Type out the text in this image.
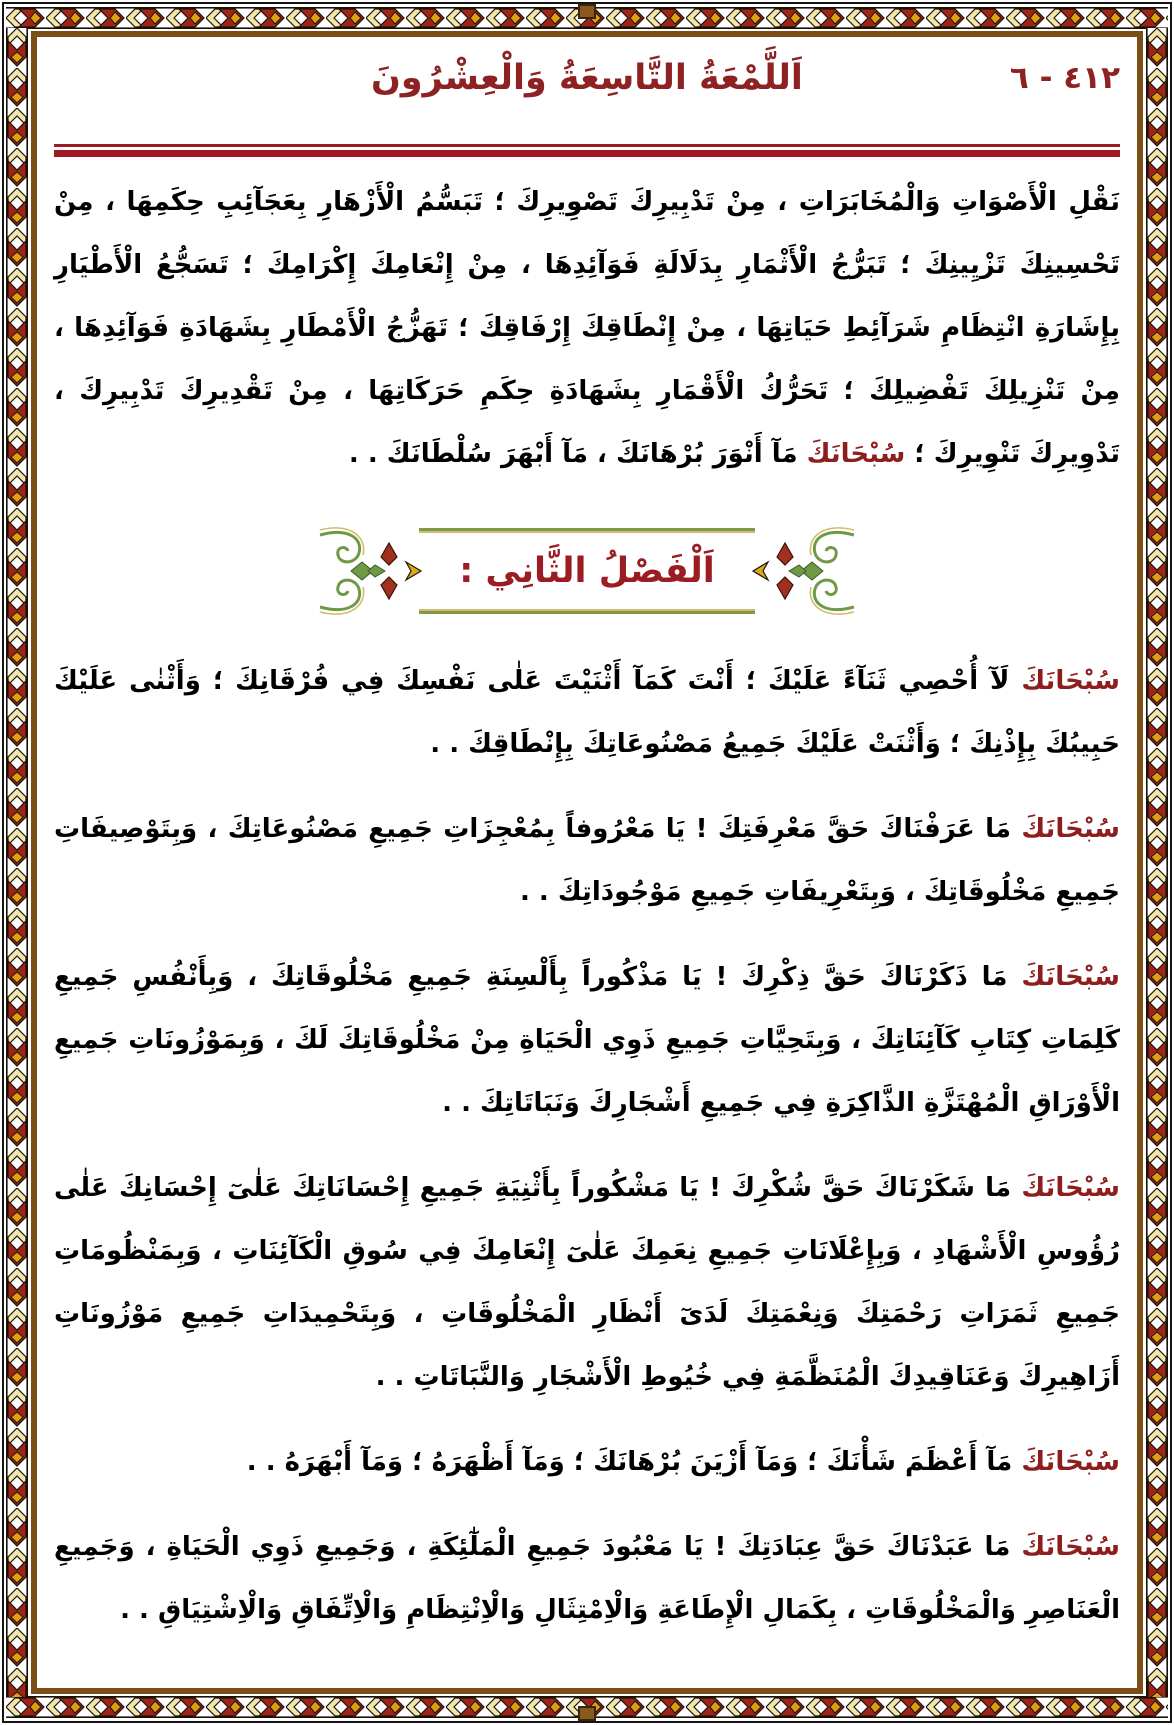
اَللَّمْعَةُ التَّاسِعَةُ وَالْعِشْرُونَ	٤١٢ - ٦

نَقْلِ الْأَصْوَاتِ وَالْمُخَابَرَاتِ ، مِنْ تَدْبِيرِكَ تَصْوِيرِكَ ؛ تَبَسُّمُ الْأَزْهَارِ بِعَجَآئِبِ حِكَمِهَا ، مِنْ تَحْسِينِكَ تَزْيِينِكَ ؛ تَبَرُّجُ الْأَثْمَارِ بِدَلَالَةِ فَوَآئِدِهَا ، مِنْ إِنْعَامِكَ إِكْرَامِكَ ؛ تَسَجُّعُ الْأَطْيَارِ بِإِشَارَةِ انْتِظَامِ شَرَآئِطِ حَيَاتِهَا ، مِنْ إِنْطَاقِكَ إِرْفَاقِكَ ؛ تَهَزُّجُ الْأَمْطَارِ بِشَهَادَةِ فَوَآئِدِهَا ، مِنْ تَنْزِيلِكَ تَفْضِيلِكَ ؛ تَحَرُّكُ الْأَقْمَارِ بِشَهَادَةِ حِكَمِ حَرَكَاتِهَا ، مِنْ تَقْدِيرِكَ تَدْبِيرِكَ ، تَدْوِيرِكَ تَنْوِيرِكَ ؛ سُبْحَانَكَ مَآ أَنْوَرَ بُرْهَانَكَ ، مَآ أَبْهَرَ سُلْطَانَكَ . .

اَلْفَصْلُ الثَّانِي :

سُبْحَانَكَ لَآ أُحْصِي ثَنَآءً عَلَيْكَ ؛ أَنْتَ كَمَآ أَثْنَيْتَ عَلٰى نَفْسِكَ فِي فُرْقَانِكَ ؛ وَأَثْنٰى عَلَيْكَ حَبِيبُكَ بِإِذْنِكَ ؛ وَأَثْنَتْ عَلَيْكَ جَمِيعُ مَصْنُوعَاتِكَ بِإِنْطَاقِكَ . .

سُبْحَانَكَ مَا عَرَفْنَاكَ حَقَّ مَعْرِفَتِكَ ! يَا مَعْرُوفاً بِمُعْجِزَاتِ جَمِيعِ مَصْنُوعَاتِكَ ، وَبِتَوْصِيفَاتِ جَمِيعِ مَخْلُوقَاتِكَ ، وَبِتَعْرِيفَاتِ جَمِيعِ مَوْجُودَاتِكَ . .

سُبْحَانَكَ مَا ذَكَرْنَاكَ حَقَّ ذِكْرِكَ ! يَا مَذْكُوراً بِأَلْسِنَةِ جَمِيعِ مَخْلُوقَاتِكَ ، وَبِأَنْفُسِ جَمِيعِ كَلِمَاتِ كِتَابِ كَآئِنَاتِكَ ، وَبِتَحِيَّاتِ جَمِيعِ ذَوِي الْحَيَاةِ مِنْ مَخْلُوقَاتِكَ لَكَ ، وَبِمَوْزُونَاتِ جَمِيعِ الْأَوْرَاقِ الْمُهْتَزَّةِ الذَّاكِرَةِ فِي جَمِيعِ أَشْجَارِكَ وَنَبَاتَاتِكَ . .

سُبْحَانَكَ مَا شَكَرْنَاكَ حَقَّ شُكْرِكَ ! يَا مَشْكُوراً بِأَثْنِيَةِ جَمِيعِ إِحْسَانَاتِكَ عَلٰىٓ إِحْسَانِكَ عَلٰى رُؤُوسِ الْأَشْهَادِ ، وَبِإِعْلَانَاتِ جَمِيعِ نِعَمِكَ عَلٰىٓ إِنْعَامِكَ فِي سُوقِ الْكَآئِنَاتِ ، وَبِمَنْظُومَاتِ جَمِيعِ ثَمَرَاتِ رَحْمَتِكَ وَنِعْمَتِكَ لَدَىٓ أَنْظَارِ الْمَخْلُوقَاتِ ، وَبِتَحْمِيدَاتِ جَمِيعِ مَوْزُونَاتِ أَزَاهِيرِكَ وَعَنَاقِيدِكَ الْمُنَظَّمَةِ فِي خُيُوطِ الْأَشْجَارِ وَالنَّبَاتَاتِ . .

سُبْحَانَكَ مَآ أَعْظَمَ شَأْنَكَ ؛ وَمَآ أَزْيَنَ بُرْهَانَكَ ؛ وَمَآ أَظْهَرَهُ ؛ وَمَآ أَبْهَرَهُ . .

سُبْحَانَكَ مَا عَبَدْنَاكَ حَقَّ عِبَادَتِكَ ! يَا مَعْبُودَ جَمِيعِ الْمَلٰٓئِكَةِ ، وَجَمِيعِ ذَوِي الْحَيَاةِ ، وَجَمِيعِ الْعَنَاصِرِ وَالْمَخْلُوقَاتِ ، بِكَمَالِ الْإِطَاعَةِ وَالْاِمْتِثَالِ وَالْاِنْتِظَامِ وَالْاِتِّفَاقِ وَالْاِشْتِيَاقِ . .
